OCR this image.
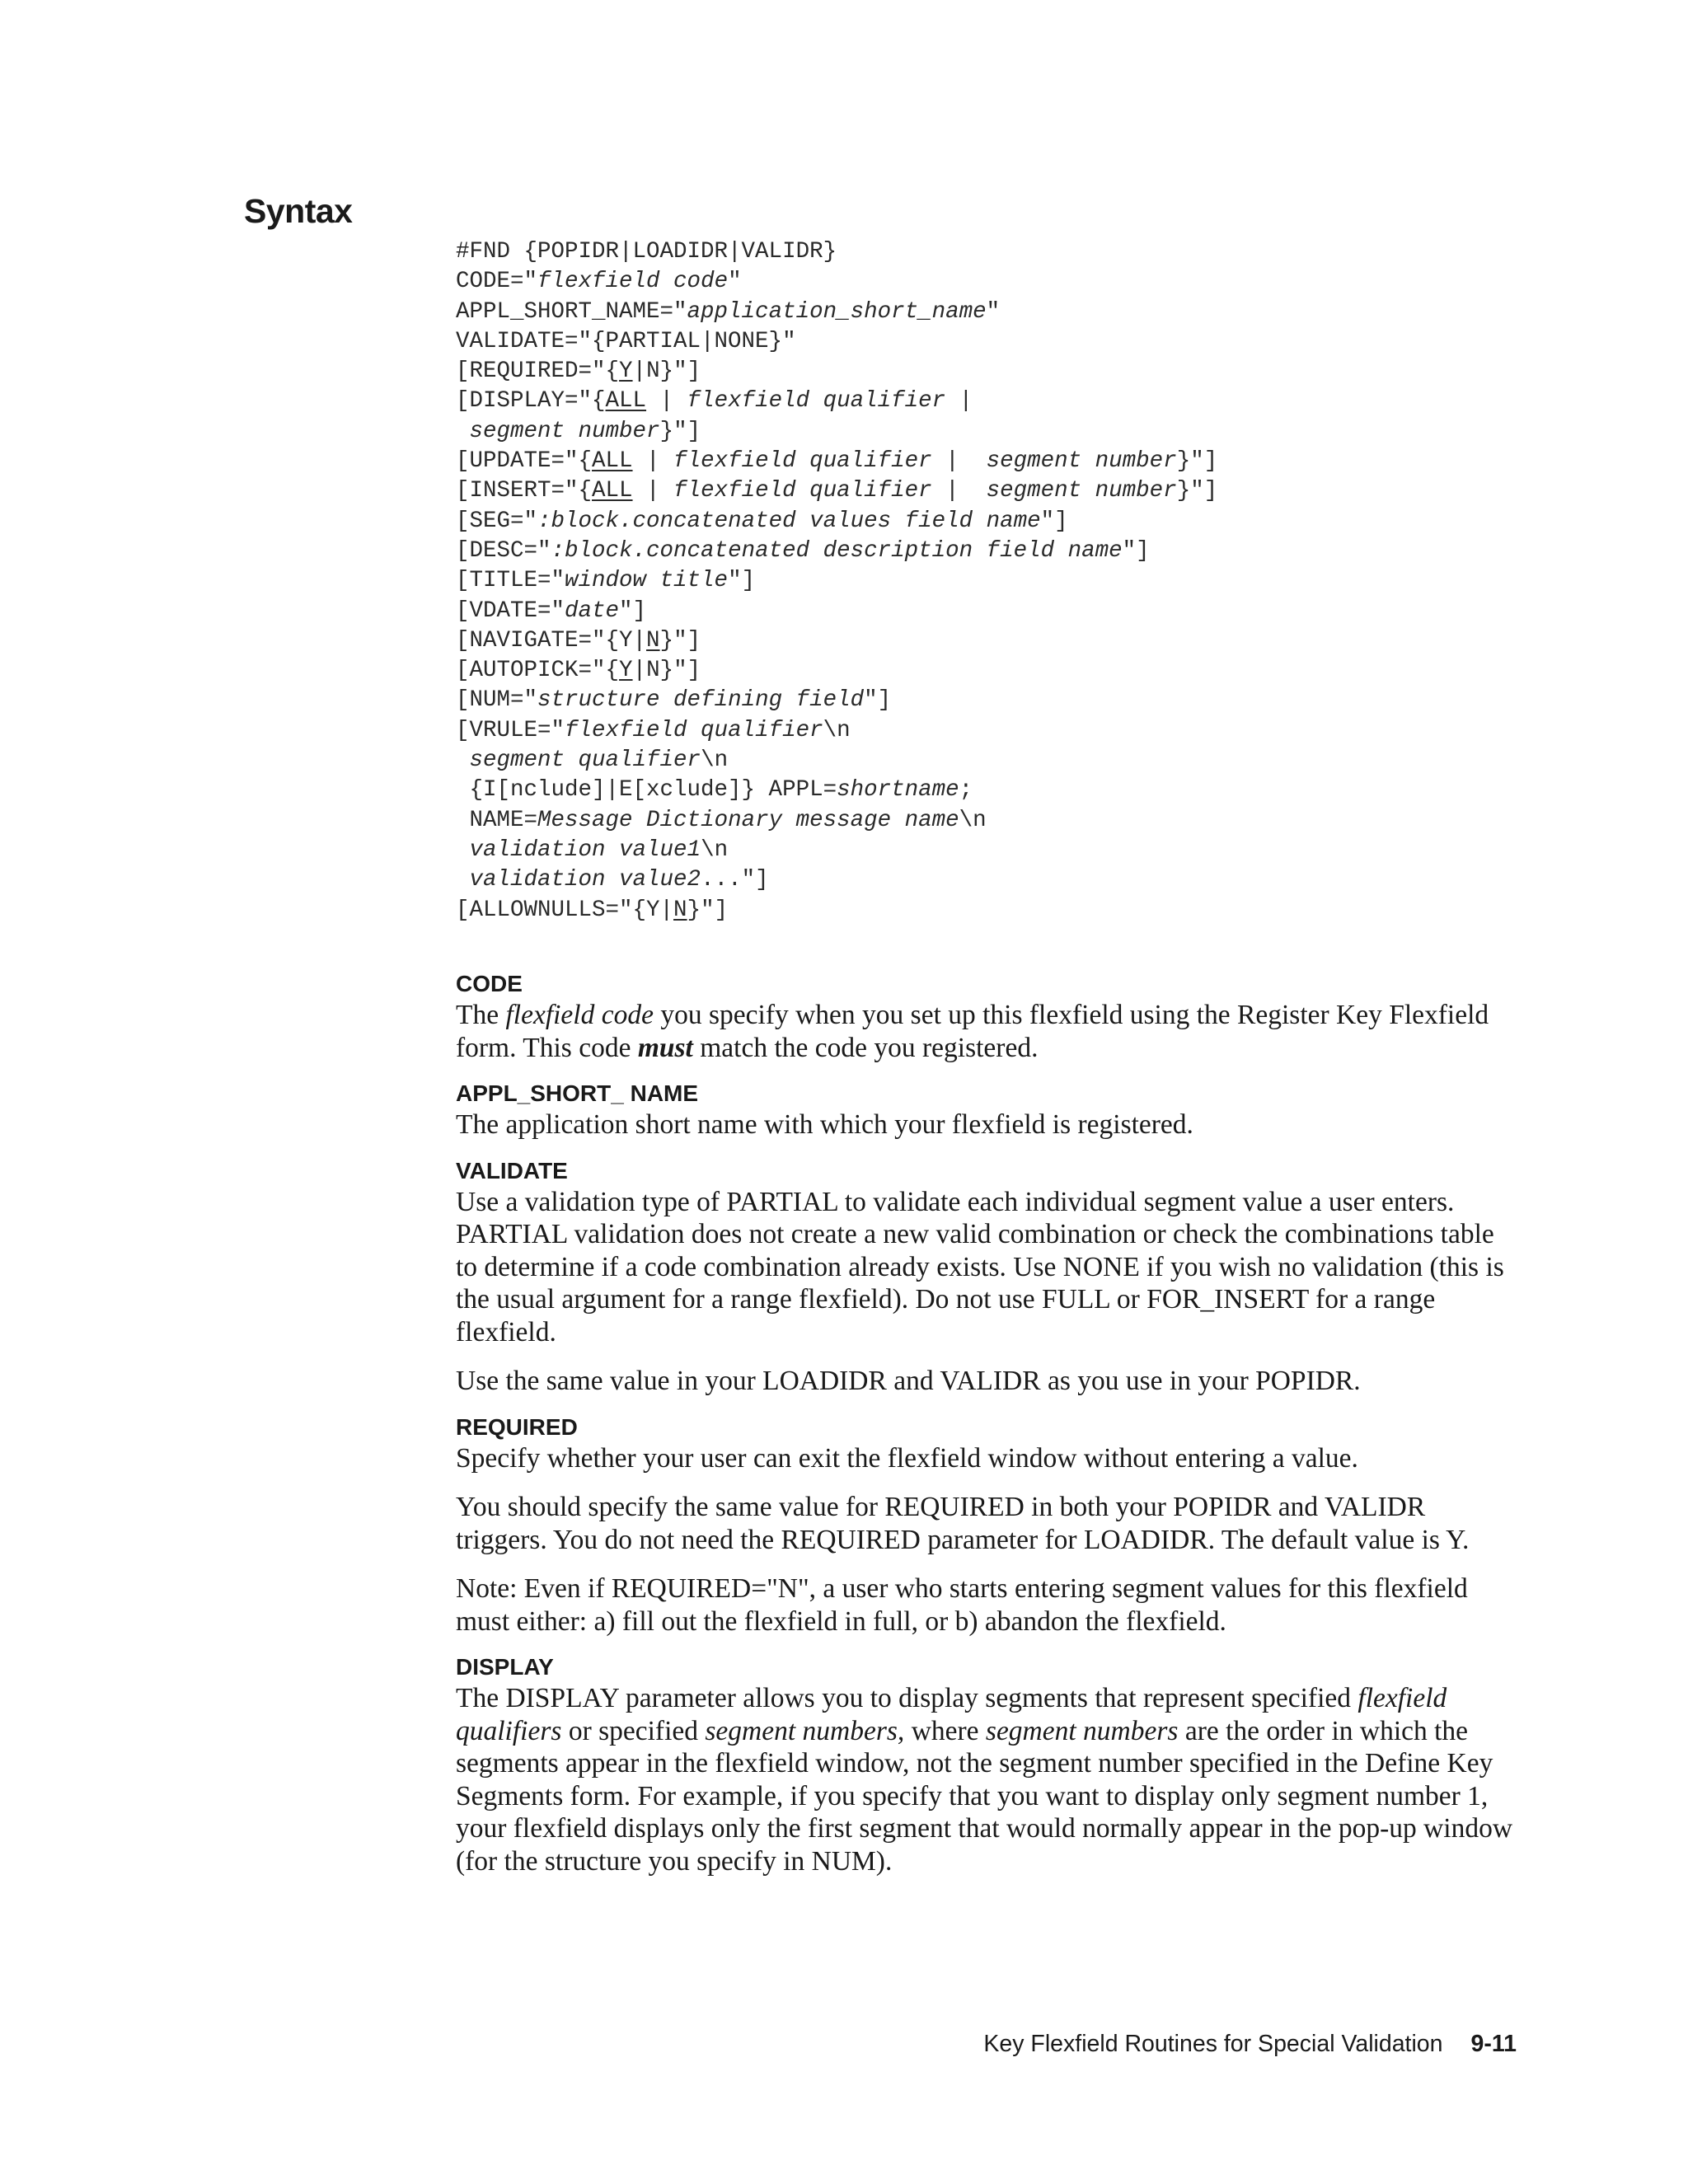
Syntax
#FND {POPIDR|LOADIDR|VALIDR}
CODE="flexfield code"
APPL_SHORT_NAME="application_short_name"
VALIDATE="{PARTIAL|NONE}"
[REQUIRED="{Y|N}"]
[DISPLAY="{ALL | flexfield qualifier |
segment number}"]
[UPDATE="{ALL | flexfield qualifier |  segment number}"]
[INSERT="{ALL | flexfield qualifier |  segment number}"]
[SEG=":block.concatenated values field name"]
[DESC=":block.concatenated description field name"]
[TITLE="window title"]
[VDATE="date"]
[NAVIGATE="{Y|N}"]
[AUTOPICK="{Y|N}"]
[NUM="structure defining field"]
[VRULE="flexfield qualifier\n
segment qualifier\n
{I[nclude]|E[xclude]} APPL=shortname;
NAME=Message Dictionary message name\n
validation value1\n
validation value2..."]
[ALLOWNULLS="{Y|N}"]

CODE

The flexfield code you specify when you set up this flexfield using the Register Key Flexfield form. This code must match the code you registered.

APPL_SHORT_ NAME

The application short name with which your flexfield is registered.

VALIDATE

Use a validation type of PARTIAL to validate each individual segment value a user enters. PARTIAL validation does not create a new valid combination or check the combinations table to determine if a code combination already exists. Use NONE if you wish no validation (this is the usual argument for a range flexfield). Do not use FULL or FOR_INSERT for a range flexfield.

Use the same value in your LOADIDR and VALIDR as you use in your POPIDR.

REQUIRED

Specify whether your user can exit the flexfield window without entering a value.

You should specify the same value for REQUIRED in both your POPIDR and VALIDR triggers. You do not need the REQUIRED parameter for LOADIDR. The default value is Y.

Note: Even if REQUIRED="N", a user who starts entering segment values for this flexfield must either: a) fill out the flexfield in full, or b) abandon the flexfield.

DISPLAY

The DISPLAY parameter allows you to display segments that represent specified flexfield qualifiers or specified segment numbers, where segment numbers are the order in which the segments appear in the flexfield window, not the segment number specified in the Define Key Segments form. For example, if you specify that you want to display only segment number 1, your flexfield displays only the first segment that would normally appear in the pop-up window (for the structure you specify in NUM).

Key Flexfield Routines for Special Validation 9-11
